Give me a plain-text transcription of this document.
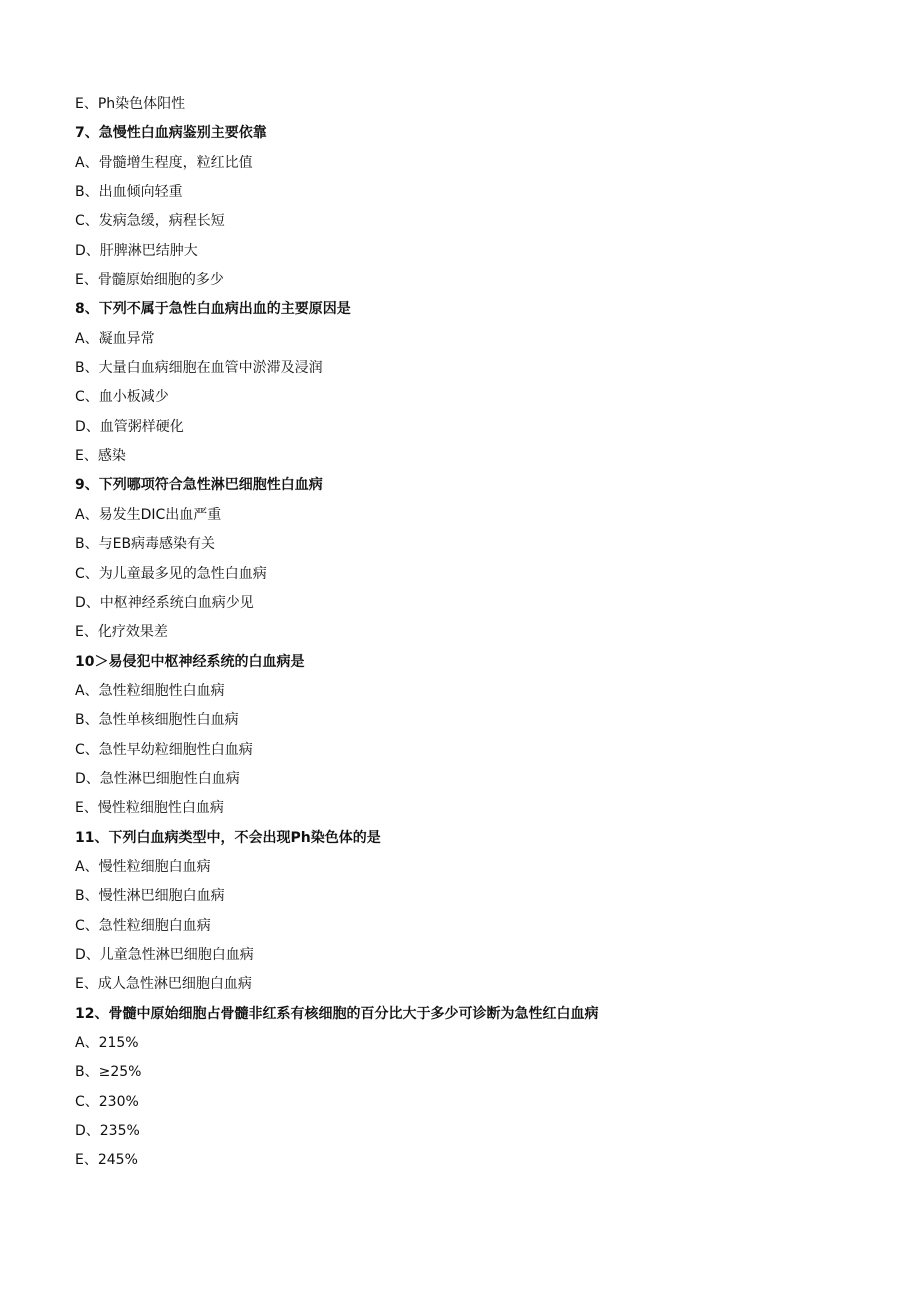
E、Ph染色体阳性
7、急慢性白血病鉴别主要依靠
A、骨髓增生程度，粒红比值
B、出血倾向轻重
C、发病急缓，病程长短
D、肝脾淋巴结肿大
E、骨髓原始细胞的多少
8、下列不属于急性白血病出血的主要原因是
A、凝血异常
B、大量白血病细胞在血管中淤滞及浸润
C、血小板减少
D、血管粥样硬化
E、感染
9、下列哪项符合急性淋巴细胞性白血病
A、易发生DIC出血严重
B、与EB病毒感染有关
C、为儿童最多见的急性白血病
D、中枢神经系统白血病少见
E、化疗效果差
10＞易侵犯中枢神经系统的白血病是
A、急性粒细胞性白血病
B、急性单核细胞性白血病
C、急性早幼粒细胞性白血病
D、急性淋巴细胞性白血病
E、慢性粒细胞性白血病
11、下列白血病类型中，不会出现Ph染色体的是
A、慢性粒细胞白血病
B、慢性淋巴细胞白血病
C、急性粒细胞白血病
D、儿童急性淋巴细胞白血病
E、成人急性淋巴细胞白血病
12、骨髓中原始细胞占骨髓非红系有核细胞的百分比大于多少可诊断为急性红白血病
A、215%
B、≥25%
C、230%
D、235%
E、245%
